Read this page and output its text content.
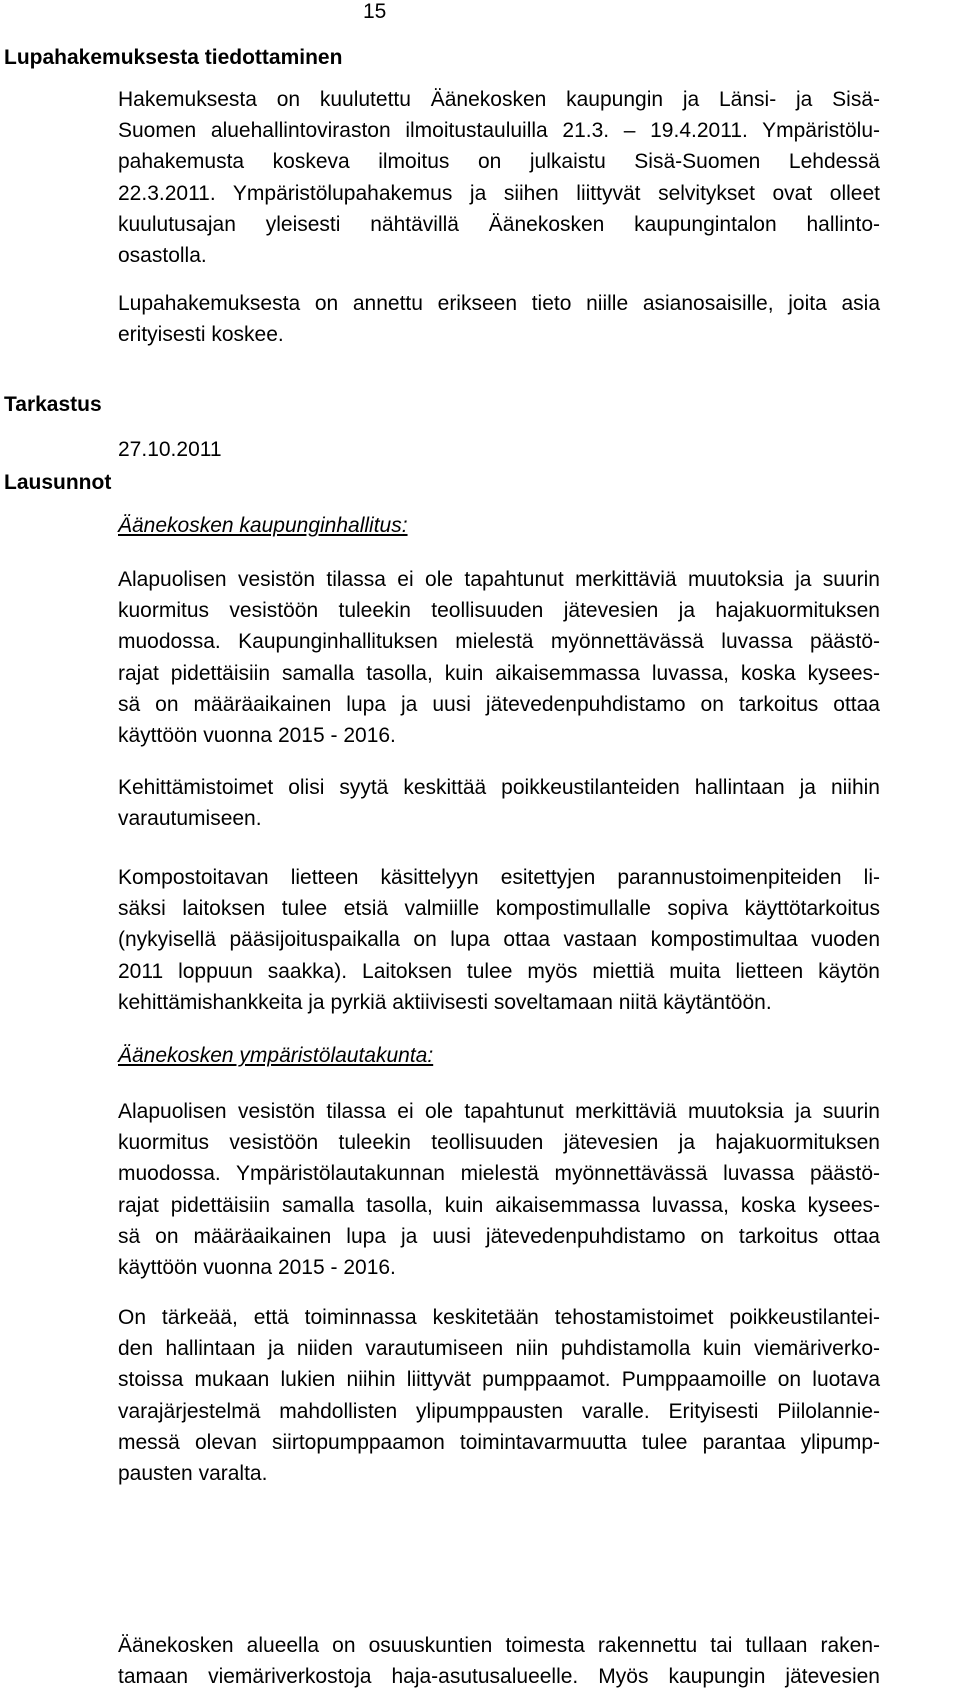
15
Lupahakemuksesta tiedottaminen
Tarkastus
Lausunnot
Hakemuksesta on kuulutettu Äänekosken kaupungin ja Länsi- ja Sisä-
Suomen aluehallintoviraston ilmoitustauluilla 21.3. – 19.4.2011. Ympäristölu-
pahakemusta koskeva ilmoitus on julkaistu Sisä-Suomen Lehdessä
22.3.2011. Ympäristölupahakemus ja siihen liittyvät selvitykset ovat olleet
kuulutusajan yleisesti nähtävillä Äänekosken kaupungintalon hallinto-
osastolla.
Lupahakemuksesta on annettu erikseen tieto niille asianosaisille, joita asia
erityisesti koskee.
27.10.2011
Äänekosken kaupunginhallitus:
Alapuolisen vesistön tilassa ei ole tapahtunut merkittäviä muutoksia ja suurin
kuormitus vesistöön tuleekin teollisuuden jätevesien ja hajakuormituksen
muodossa. Kaupunginhallituksen mielestä myönnettävässä luvassa päästö-
rajat pidettäisiin samalla tasolla, kuin aikaisemmassa luvassa, koska kysees-
sä on määräaikainen lupa ja uusi jätevedenpuhdistamo on tarkoitus ottaa
käyttöön vuonna 2015 - 2016.
Kehittämistoimet olisi syytä keskittää poikkeustilanteiden hallintaan ja niihin
varautumiseen.
Kompostoitavan lietteen käsittelyyn esitettyjen parannustoimenpiteiden li-
säksi laitoksen tulee etsiä valmiille kompostimullalle sopiva käyttötarkoitus
(nykyisellä pääsijoituspaikalla on lupa ottaa vastaan kompostimultaa vuoden
2011 loppuun saakka). Laitoksen tulee myös miettiä muita lietteen käytön
kehittämishankkeita ja pyrkiä aktiivisesti soveltamaan niitä käytäntöön.
Äänekosken ympäristölautakunta:
Alapuolisen vesistön tilassa ei ole tapahtunut merkittäviä muutoksia ja suurin
kuormitus vesistöön tuleekin teollisuuden jätevesien ja hajakuormituksen
muodossa. Ympäristölautakunnan mielestä myönnettävässä luvassa päästö-
rajat pidettäisiin samalla tasolla, kuin aikaisemmassa luvassa, koska kysees-
sä on määräaikainen lupa ja uusi jätevedenpuhdistamo on tarkoitus ottaa
käyttöön vuonna 2015 - 2016.
On tärkeää, että toiminnassa keskitetään tehostamistoimet poikkeustilantei-
den hallintaan ja niiden varautumiseen niin puhdistamolla kuin viemäriverko-
stoissa mukaan lukien niihin liittyvät pumppaamot. Pumppaamoille on luotava
varajärjestelmä mahdollisten ylipumppausten varalle. Erityisesti Piilolannie-
messä olevan siirtopumppaamon toimintavarmuutta tulee parantaa ylipump-
pausten varalta.
Äänekosken alueella on osuuskuntien toimesta rakennettu tai tullaan raken-
tamaan viemäriverkostoja haja-asutusalueelle. Myös kaupungin jätevesien
